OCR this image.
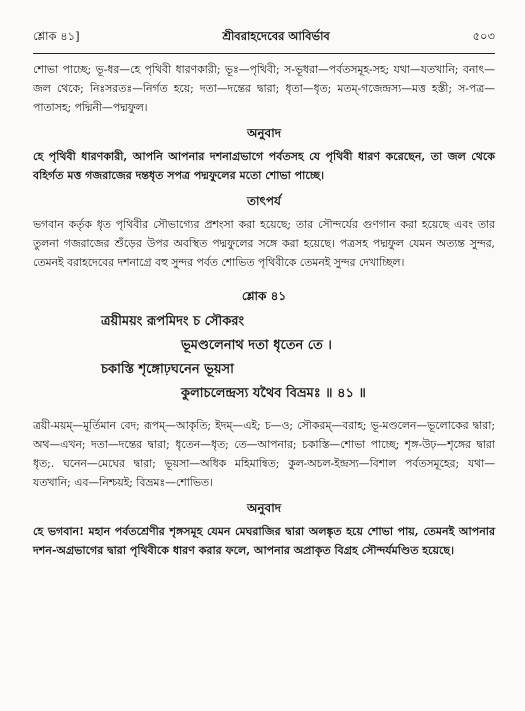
শ্লোক ৪১]	শ্রীবরাহদেবের আবির্ভাব	৫০৩

শোভা পাচ্ছে; ভূ-ধর—হে পৃথিবী ধারণকারী; ভূঃ—পৃথিবী; স-ভূধরা—পর্বতসমূহ-সহ; যথা—যতখানি; বনাৎ—জল থেকে; নিঃসরতঃ—নির্গত হয়ে; দতা—দন্তের দ্বারা; ধৃতা—ধৃত; মতম্-গজেন্দ্রস্য—মত্ত হস্তী; স-পত্র—পাতাসহ; পদ্মিনী—পদ্মফুল।

অনুবাদ

হে পৃথিবী ধারণকারী, আপনি আপনার দশনাগ্রভাগে পর্বতসহ যে পৃথিবী ধারণ করেছেন, তা জল থেকে বহির্গত মত্ত গজরাজের দন্তধৃত সপত্র পদ্মফুলের মতো শোভা পাচ্ছে।

তাৎপর্য

ভগবান কর্তৃক ধৃত পৃথিবীর সৌভাগ্যের প্রশংসা করা হয়েছে; তার সৌন্দর্যের গুণগান করা হয়েছে এবং তার তুলনা গজরাজের শুঁড়ের উপর অবস্থিত পদ্মফুলের সঙ্গে করা হয়েছে। পত্রসহ পদ্মফুল যেমন অত্যন্ত সুন্দর, তেমনই বরাহদেবের দশনাগ্রে বহু সুন্দর পর্বত শোভিত পৃথিবীকে তেমনই সুন্দর দেখাচ্ছিল।

শ্লোক ৪১
ত্রয়ীময়ং রূপমিদং চ সৌকরং
ভূমণ্ডলেনাথ দতা ধৃতেন তে ।
চকাস্তি শৃঙ্গোঢ়ঘনেন ভূয়সা
কুলাচলেন্দ্রস্য যথৈব বিভ্রমঃ ॥ ৪১ ॥

ত্রয়ী-ময়ম্—মূর্তিমান বেদ; রূপম্—আকৃতি; ইদম্—এই; চ—ও; সৌকরম্—বরাহ; ভূ-মণ্ডলেন—ভূলোকের দ্বারা; অথ—এখন; দতা—দন্তের দ্বারা; ধৃতেন—ধৃত; তে—আপনার; চকাস্তি—শোভা পাচ্ছে; শৃঙ্গ-উঢ়—শৃঙ্গের দ্বারা ধৃত;. ঘনেন—মেঘের দ্বারা; ভূয়সা—অধিক মহিমান্বিত; কুল-অচল-ইন্দ্রস্য—বিশাল পর্বতসমূহের; যথা—যতখানি; এব—নিশ্চয়ই; বিভ্রমঃ—শোভিত।

অনুবাদ

হে ভগবান! মহান পর্বতশ্রেণীর শৃঙ্গসমূহ যেমন মেঘরাজির দ্বারা অলঙ্কৃত হয়ে শোভা পায়, তেমনই আপনার দশন-অগ্রভাগের দ্বারা পৃথিবীকে ধারণ করার ফলে, আপনার অপ্রাকৃত বিগ্রহ সৌন্দর্যমণ্ডিত হয়েছে।
